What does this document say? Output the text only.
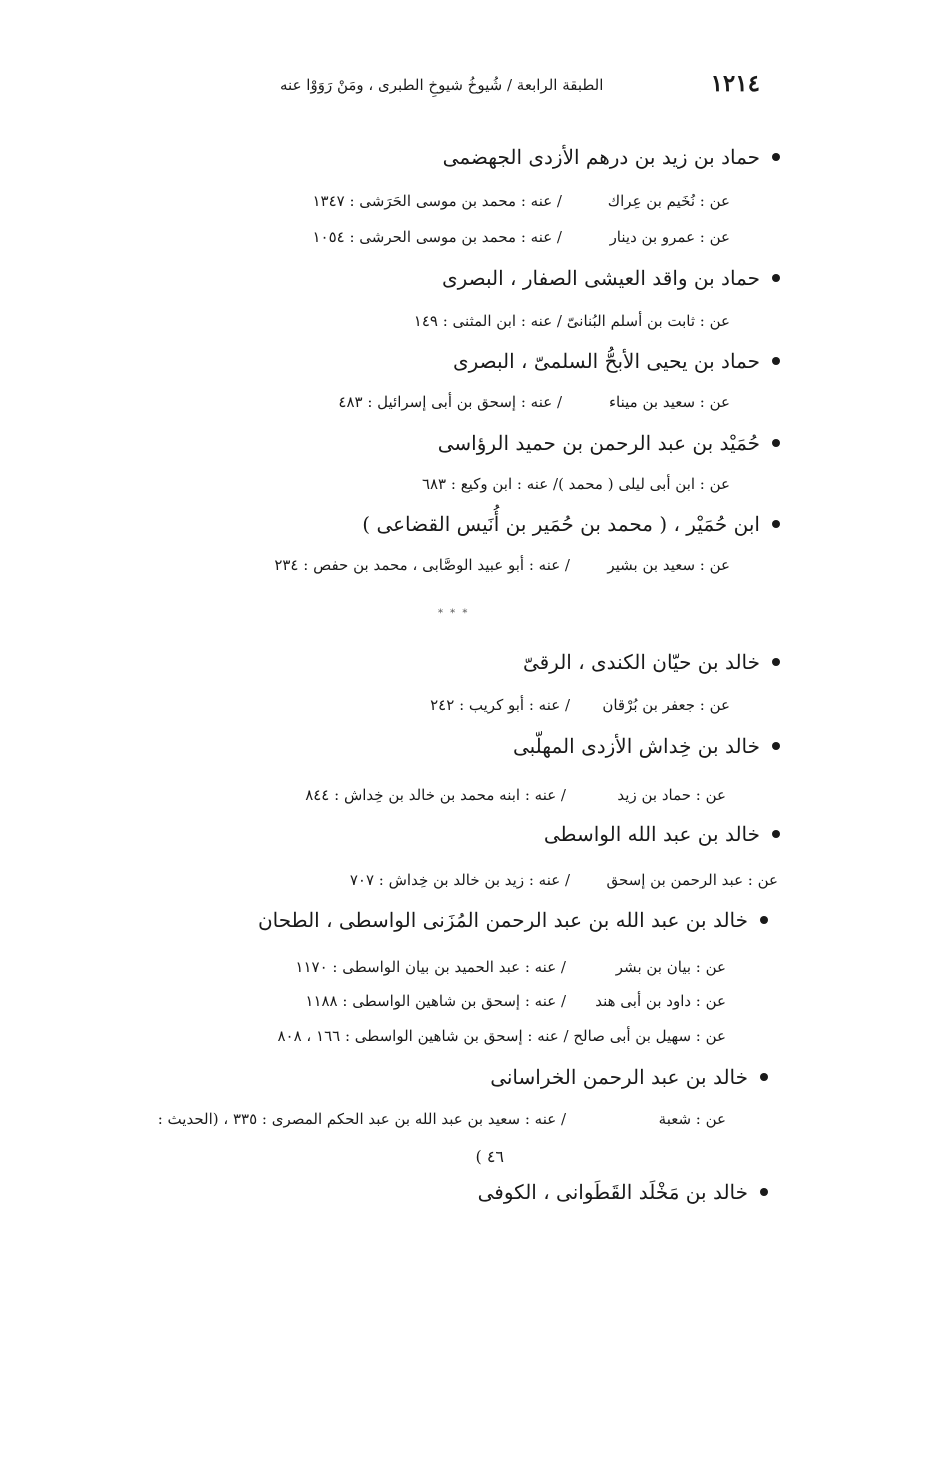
١٢١٤
الطبقة الرابعة / شُيوخُ شيوخِ الطبرى ، ومَنْ رَوَوْا عنه
حماد بن زيد بن درهم الأزدى الجهضمى
عن : نُخَيم بن عِراك/ عنه : محمد بن موسى الحَرَشى : ١٣٤٧
عن : عمرو بن دينار/ عنه : محمد بن موسى الحرشى : ١٠٥٤
حماد بن واقد العيشى الصفار ، البصرى
عن : ثابت بن أسلم البُنانىّ / عنه : ابن المثنى : ١٤٩
حماد بن يحيى الأبحُّ السلمىّ ، البصرى
عن : سعيد بن ميناء/ عنه : إسحق بن أبى إسرائيل : ٤٨٣
حُمَيْد بن عبد الرحمن بن حميد الرؤاسى
عن : ابن أبى ليلى ( محمد )/ عنه : ابن وكيع : ٦٨٣
ابن حُمَيْر ، ( محمد بن حُمَير بن أُنَيس القضاعى )
عن : سعيد بن بشير/ عنه : أبو عبيد الوصَّابى ، محمد بن حفص : ٢٣٤
* * *
خالد بن حيّان الكندى ، الرقىّ
عن : جعفر بن بُرْقان/ عنه : أبو كريب : ٢٤٢
خالد بن خِداش الأزدى المهلّبى
عن : حماد بن زيد/ عنه : ابنه محمد بن خالد بن خِداش : ٨٤٤
خالد بن عبد الله الواسطى
عن : عبد الرحمن بن إسحق/ عنه : زيد بن خالد بن خِداش : ٧٠٧
خالد بن عبد الله بن عبد الرحمن المُزَنى الواسطى ، الطحان
عن : بيان بن بشر/ عنه : عبد الحميد بن بيان الواسطى : ١١٧٠
عن : داود بن أبى هند/ عنه : إسحق بن شاهين الواسطى : ١١٨٨
عن : سهيل بن أبى صالح / عنه : إسحق بن شاهين الواسطى : ١٦٦ ، ٨٠٨
خالد بن عبد الرحمن الخراسانى
عن : شعبة/ عنه : سعيد بن عبد الله بن عبد الحكم المصرى : ٣٣٥ ، (الحديث :
٤٦ )
خالد بن مَخْلَد القَطَوانى ، الكوفى
